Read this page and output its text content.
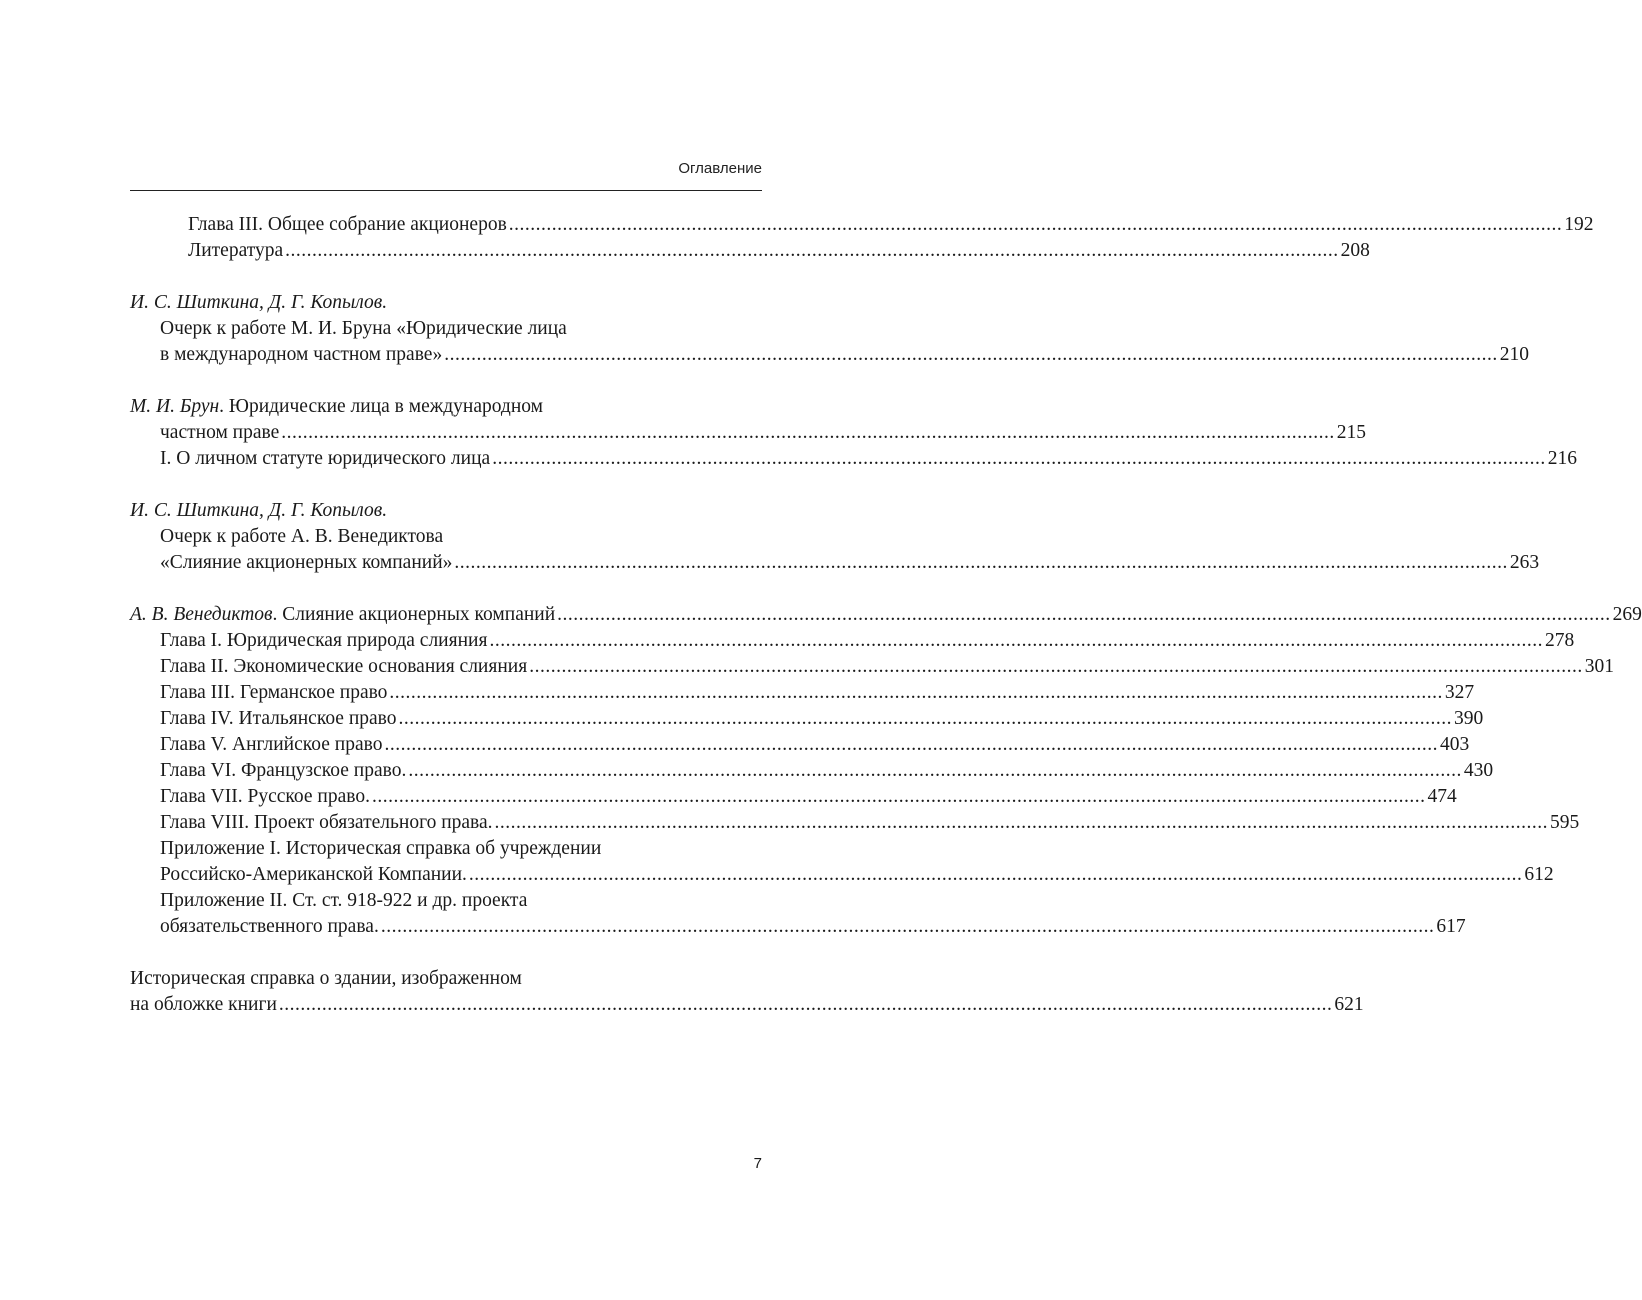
Оглавление
Глава III. Общее собрание акционеров .................................................................................................................................................................................................... 192
Литература .................................................................................................................................................................................................... 208
И. С. Шиткина, Д. Г. Копылов.
Очерк к работе М. И. Бруна «Юридические лица
в международном частном праве» .................................................................................................................................................................................................... 210
М. И. Брун. Юридические лица в международном
частном праве .................................................................................................................................................................................................... 215
I. О личном статуте юридического лица .................................................................................................................................................................................................... 216
И. С. Шиткина, Д. Г. Копылов.
Очерк к работе А. В. Венедиктова
«Слияние акционерных компаний» .................................................................................................................................................................................................... 263
А. В. Венедиктов. Слияние акционерных компаний .................................................................................................................................................................................................... 269
Глава I. Юридическая природа слияния .................................................................................................................................................................................................... 278
Глава II. Экономические основания слияния .................................................................................................................................................................................................... 301
Глава III. Германское право .................................................................................................................................................................................................... 327
Глава IV. Итальянское право .................................................................................................................................................................................................... 390
Глава V. Английское право .................................................................................................................................................................................................... 403
Глава VI. Французское право. .................................................................................................................................................................................................... 430
Глава VII. Русское право. .................................................................................................................................................................................................... 474
Глава VIII. Проект обязательного права. .................................................................................................................................................................................................... 595
Приложение I. Историческая справка об учреждении
Российско-Американской Компании. .................................................................................................................................................................................................... 612
Приложение II. Ст. ст. 918-922 и др. проекта
обязательственного права. .................................................................................................................................................................................................... 617
Историческая справка о здании, изображенном
на обложке книги .................................................................................................................................................................................................... 621
7
